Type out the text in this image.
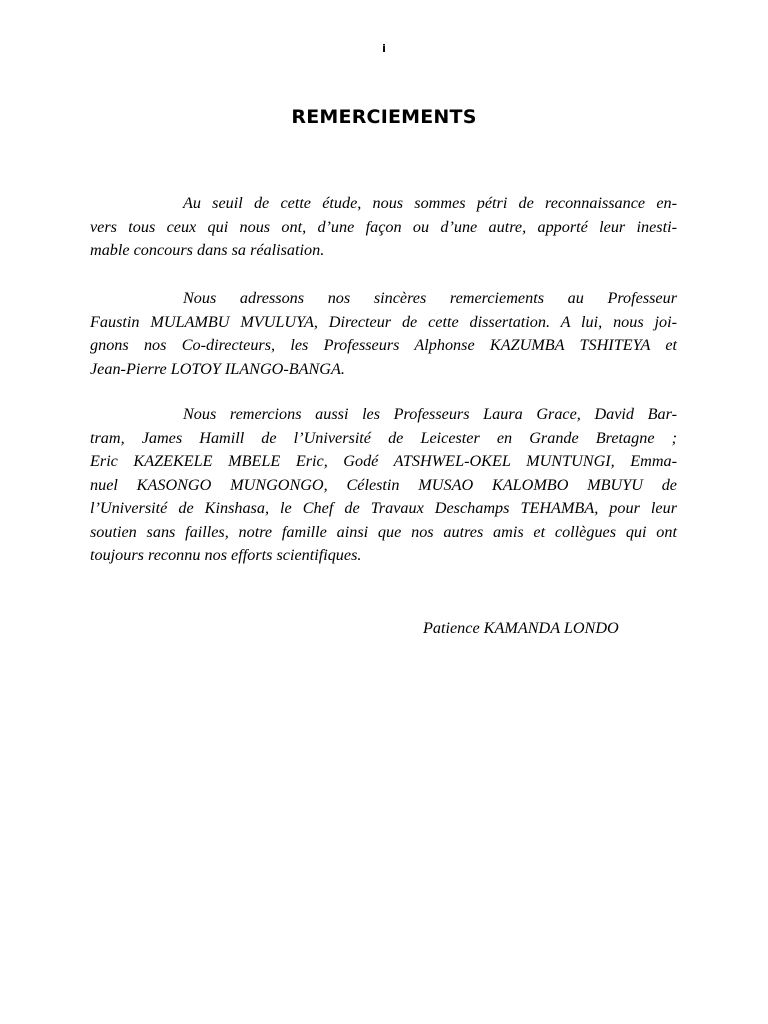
i
REMERCIEMENTS
Au seuil de cette étude, nous sommes pétri de reconnaissance en-
vers tous ceux qui nous ont, d’une façon ou d’une autre, apporté leur inesti-
mable concours dans sa réalisation.
Nous adressons nos sincères remerciements au Professeur
Faustin MULAMBU MVULUYA, Directeur de cette dissertation. A lui, nous joi-
gnons nos Co-directeurs, les Professeurs Alphonse KAZUMBA TSHITEYA et
Jean-Pierre LOTOY ILANGO-BANGA.
Nous remercions aussi les Professeurs Laura Grace, David Bar-
tram, James Hamill de l’Université de Leicester en Grande Bretagne ;
Eric KAZEKELE MBELE Eric, Godé ATSHWEL-OKEL MUNTUNGI, Emma-
nuel KASONGO MUNGONGO, Célestin MUSAO KALOMBO MBUYU de
l’Université de Kinshasa, le Chef de Travaux Deschamps TEHAMBA, pour leur
soutien sans failles, notre famille ainsi que nos autres amis et collègues qui ont
toujours reconnu nos efforts scientifiques.
Patience KAMANDA LONDO
